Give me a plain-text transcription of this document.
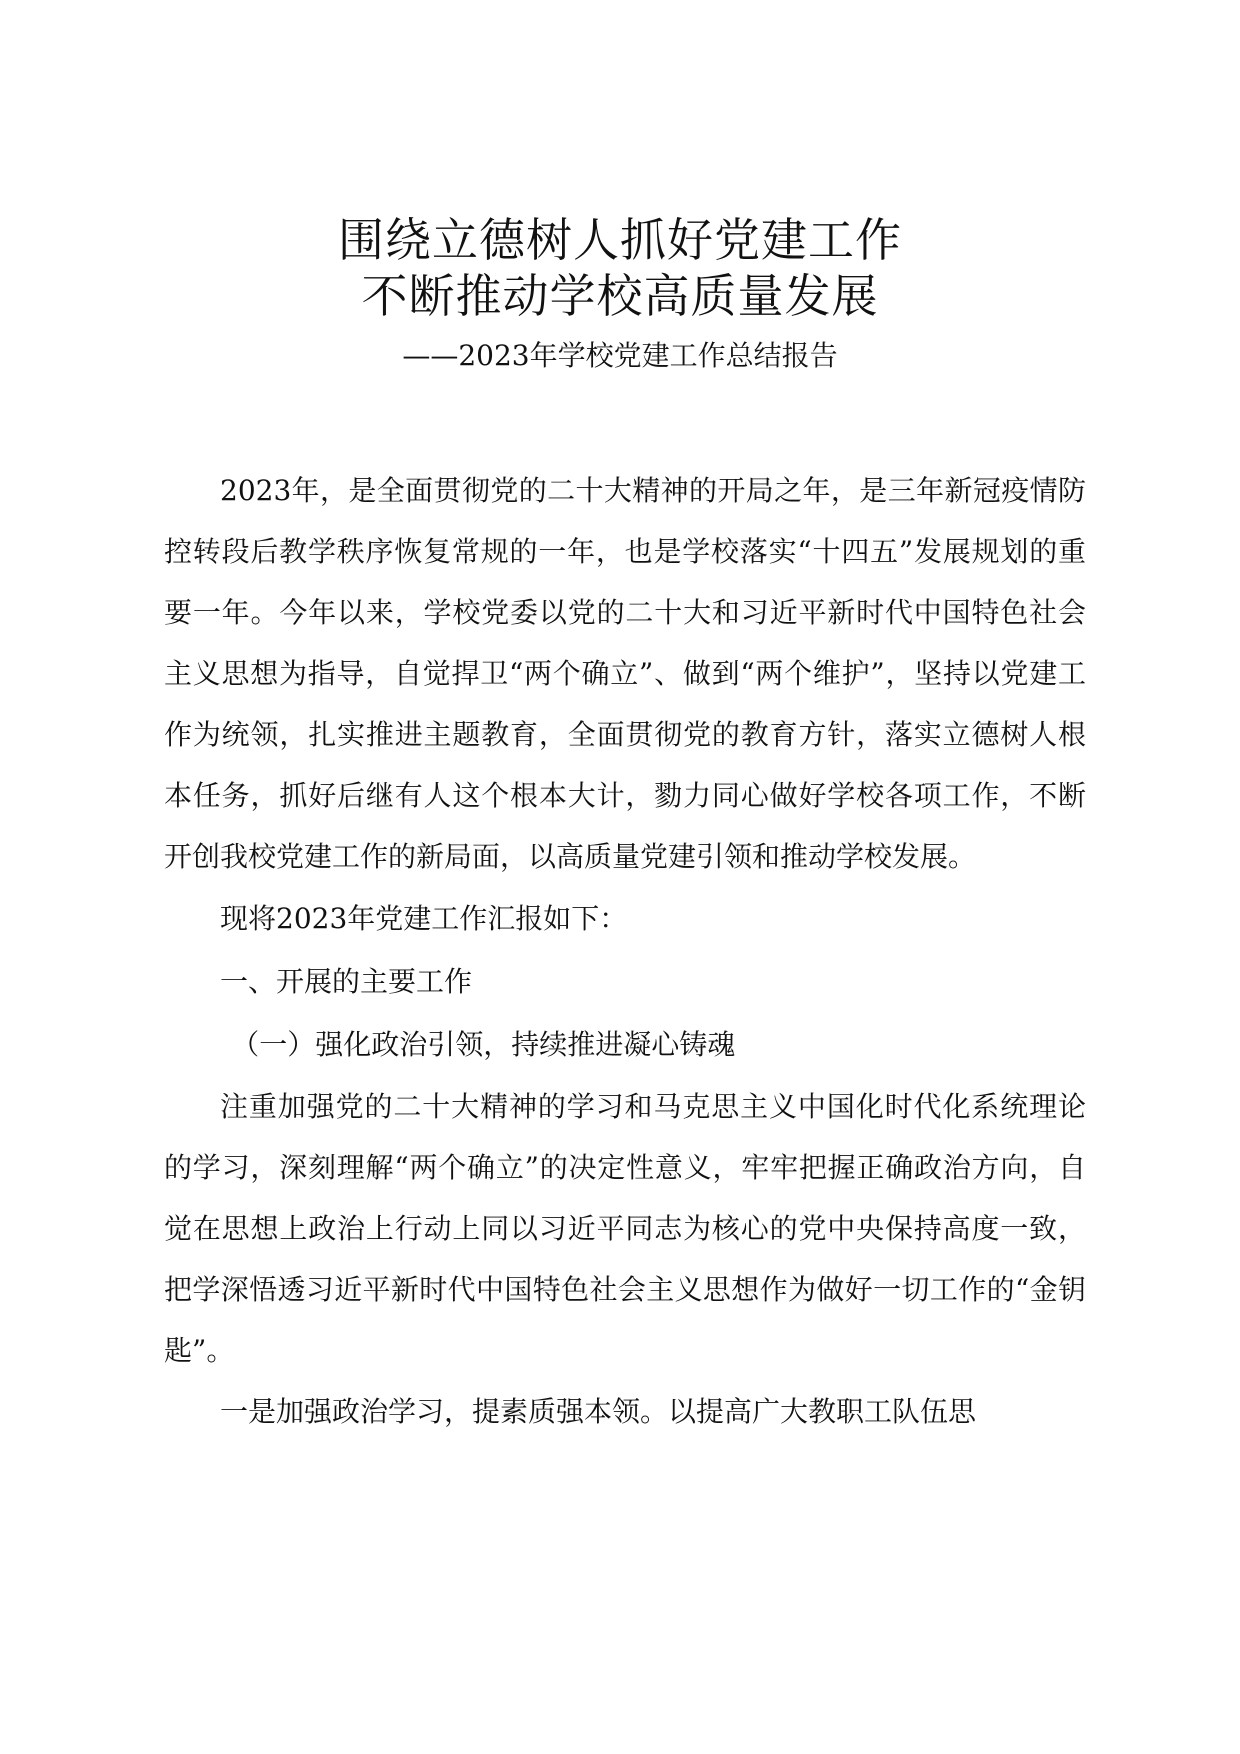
围绕立德树人抓好党建工作
不断推动学校高质量发展
——2023年学校党建工作总结报告

2023年，是全面贯彻党的二十大精神的开局之年，是三年新冠疫情防控转段后教学秩序恢复常规的一年，也是学校落实“十四五”发展规划的重要一年。今年以来，学校党委以党的二十大和习近平新时代中国特色社会主义思想为指导，自觉捍卫“两个确立”、做到“两个维护”，坚持以党建工作为统领，扎实推进主题教育，全面贯彻党的教育方针，落实立德树人根本任务，抓好后继有人这个根本大计，勠力同心做好学校各项工作，不断开创我校党建工作的新局面，以高质量党建引领和推动学校发展。

现将2023年党建工作汇报如下：

一、开展的主要工作

（一）强化政治引领，持续推进凝心铸魂

注重加强党的二十大精神的学习和马克思主义中国化时代化系统理论的学习，深刻理解“两个确立”的决定性意义，牢牢把握正确政治方向，自觉在思想上政治上行动上同以习近平同志为核心的党中央保持高度一致，把学深悟透习近平新时代中国特色社会主义思想作为做好一切工作的“金钥匙”。

一是加强政治学习，提素质强本领。以提高广大教职工队伍思
